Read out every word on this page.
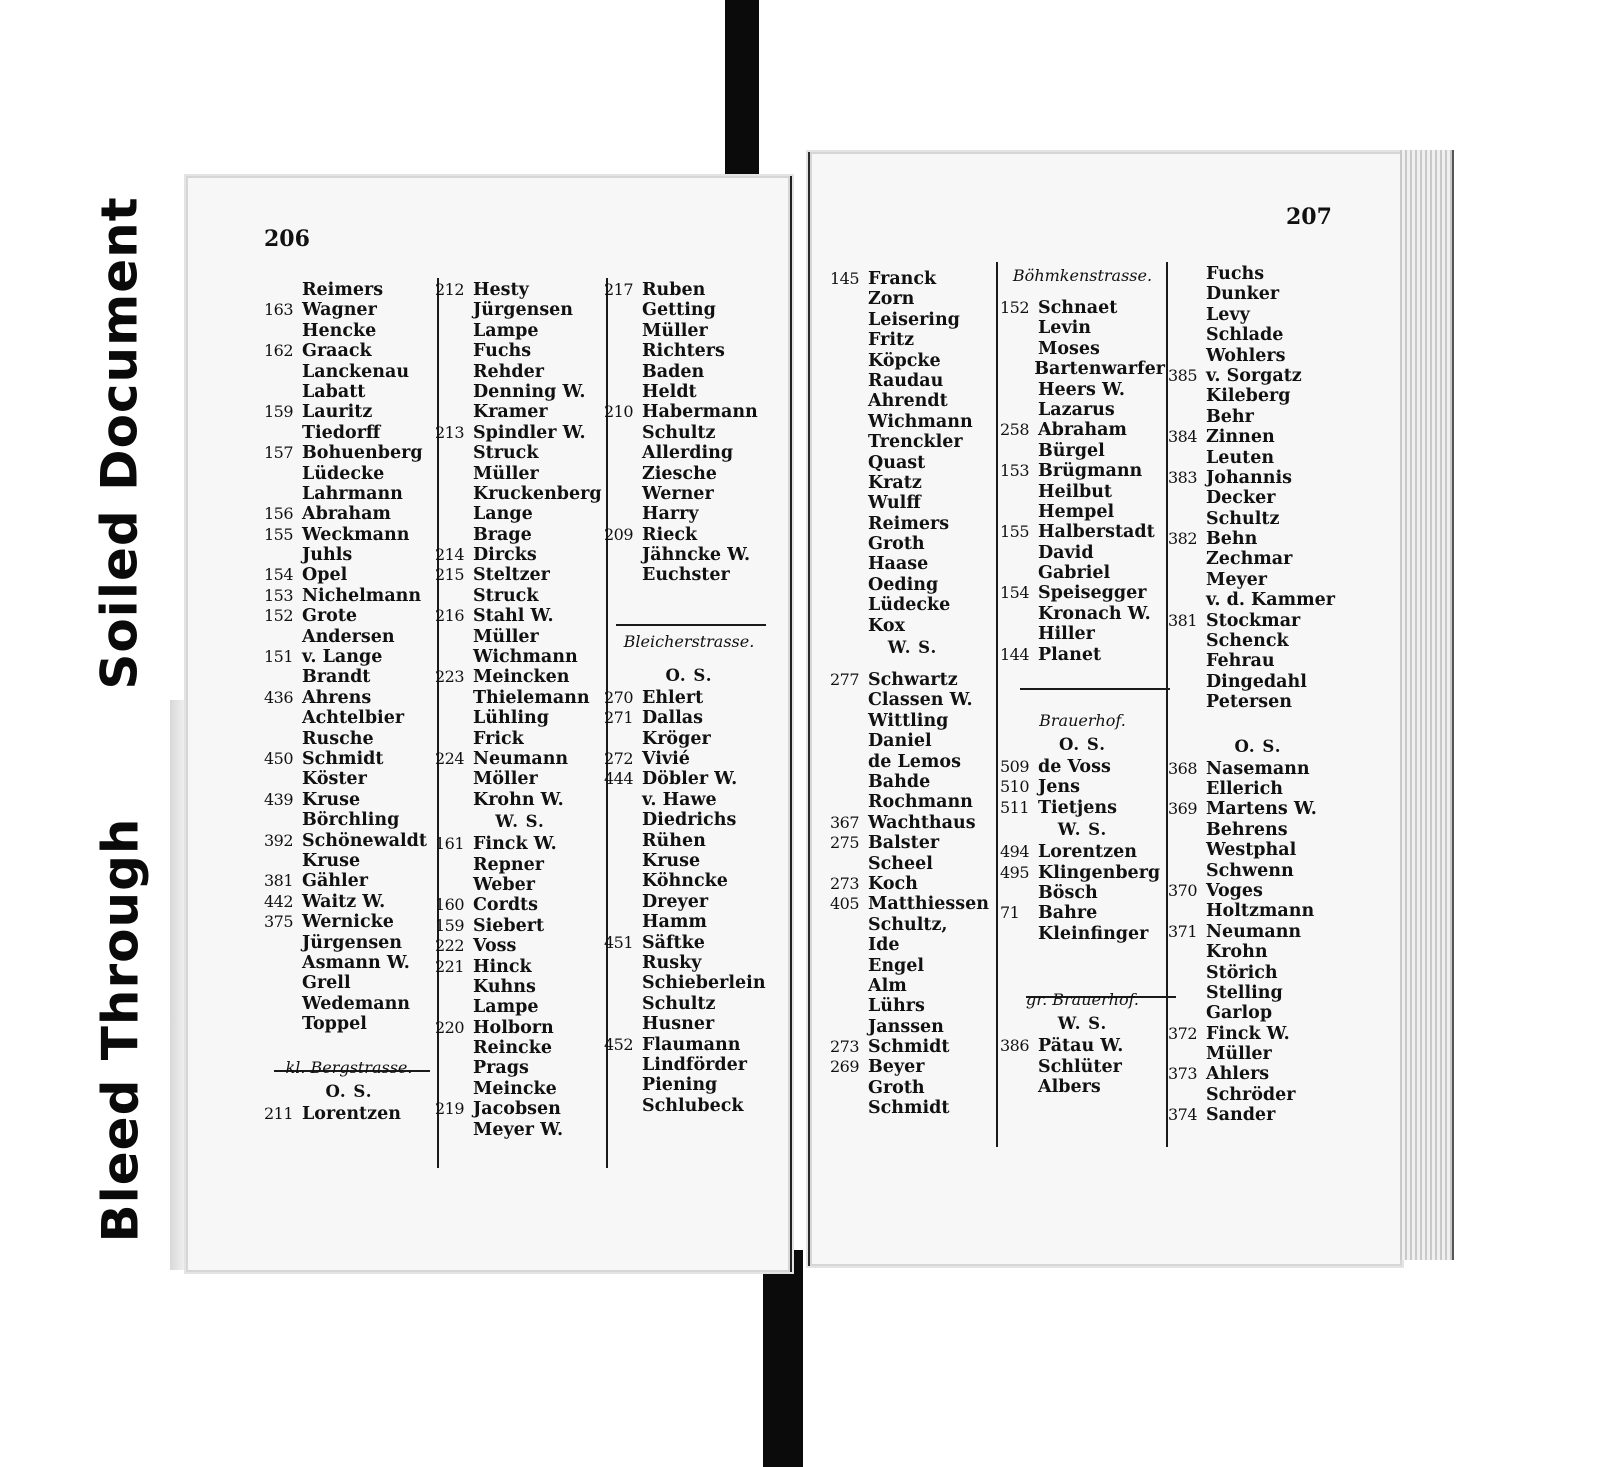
Soiled Document
Bleed Through
206
207
Reimers
163 Wagner
Hencke
162 Graack
Lanckenau
Labatt
159 Lauritz
Tiedorff
157 Bohuenberg
Lüdecke
Lahrmann
156 Abraham
155 Weckmann
Juhls
154 Opel
153 Nichelmann
152 Grote
Andersen
151 v. Lange
Brandt
436 Ahrens
Achtelbier
Rusche
450 Schmidt
Köster
439 Kruse
Börchling
392 Schönewaldt
Kruse
381 Gähler
442 Waitz W.
375 Wernicke
Jürgensen
Asmann W.
Grell
Wedemann
Toppel
kl. Bergstrasse.
O. S.
211 Lorentzen
212 Hesty
Jürgensen
Lampe
Fuchs
Rehder
Denning W.
Kramer
213 Spindler W.
Struck
Müller
Kruckenberg
Lange
Brage
214 Dircks
215 Steltzer
Struck
216 Stahl W.
Müller
Wichmann
223 Meincken
Thielemann
Lühling
Frick
224 Neumann
Möller
Krohn W.
W. S.
161 Finck W.
Repner
Weber
160 Cordts
159 Siebert
222 Voss
221 Hinck
Kuhns
Lampe
220 Holborn
Reincke
Prags
Meincke
219 Jacobsen
Meyer W.
217 Ruben
Getting
Müller
Richters
Baden
Heldt
210 Habermann
Schultz
Allerding
Ziesche
Werner
Harry
209 Rieck
Jähncke W.
Euchster
Bleicherstrasse.
O. S.
270 Ehlert
271 Dallas
Kröger
272 Vivié
444 Döbler W.
v. Hawe
Diedrichs
Rühen
Kruse
Köhncke
Dreyer
Hamm
451 Säftke
Rusky
Schieberlein
Schultz
Husner
452 Flaumann
Lindförder
Piening
Schlubeck
145 Franck
Zorn
Leisering
Fritz
Köpcke
Raudau
Ahrendt
Wichmann
Trenckler
Quast
Kratz
Wulff
Reimers
Groth
Haase
Oeding
Lüdecke
Kox
W. S.
277 Schwartz
Classen W.
Wittling
Daniel
de Lemos
Bahde
Rochmann
367 Wachthaus
275 Balster
Scheel
273 Koch
405 Matthiessen
Schultz,
Ide
Engel
Alm
Lührs
Janssen
273 Schmidt
269 Beyer
Groth
Schmidt
Böhmkenstrasse.
152 Schnaet
Levin
Moses
Bartenwarfer
Heers W.
Lazarus
258 Abraham
Bürgel
153 Brügmann
Heilbut
Hempel
155 Halberstadt
David
Gabriel
154 Speisegger
Kronach W.
Hiller
144 Planet
Brauerhof.
O. S.
509 de Voss
510 Jens
511 Tietjens
W. S.
494 Lorentzen
495 Klingenberg
Bösch
71	Bahre
Kleinfinger
gr. Brauerhof.
W. S.
386 Pätau W.
Schlüter
Albers
Fuchs
Dunker
Levy
Schlade
Wohlers
385 v. Sorgatz
Kileberg
Behr
384 Zinnen
Leuten
383 Johannis
Decker
Schultz
382 Behn
Zechmar
Meyer
v. d. Kammer
381 Stockmar
Schenck
Fehrau
Dingedahl
Petersen
O. S.
368 Nasemann
Ellerich
369 Martens W.
Behrens
Westphal
Schwenn
370 Voges
Holtzmann
371 Neumann
Krohn
Störich
Stelling
Garlop
372 Finck W.
Müller
373 Ahlers
Schröder
374 Sander
